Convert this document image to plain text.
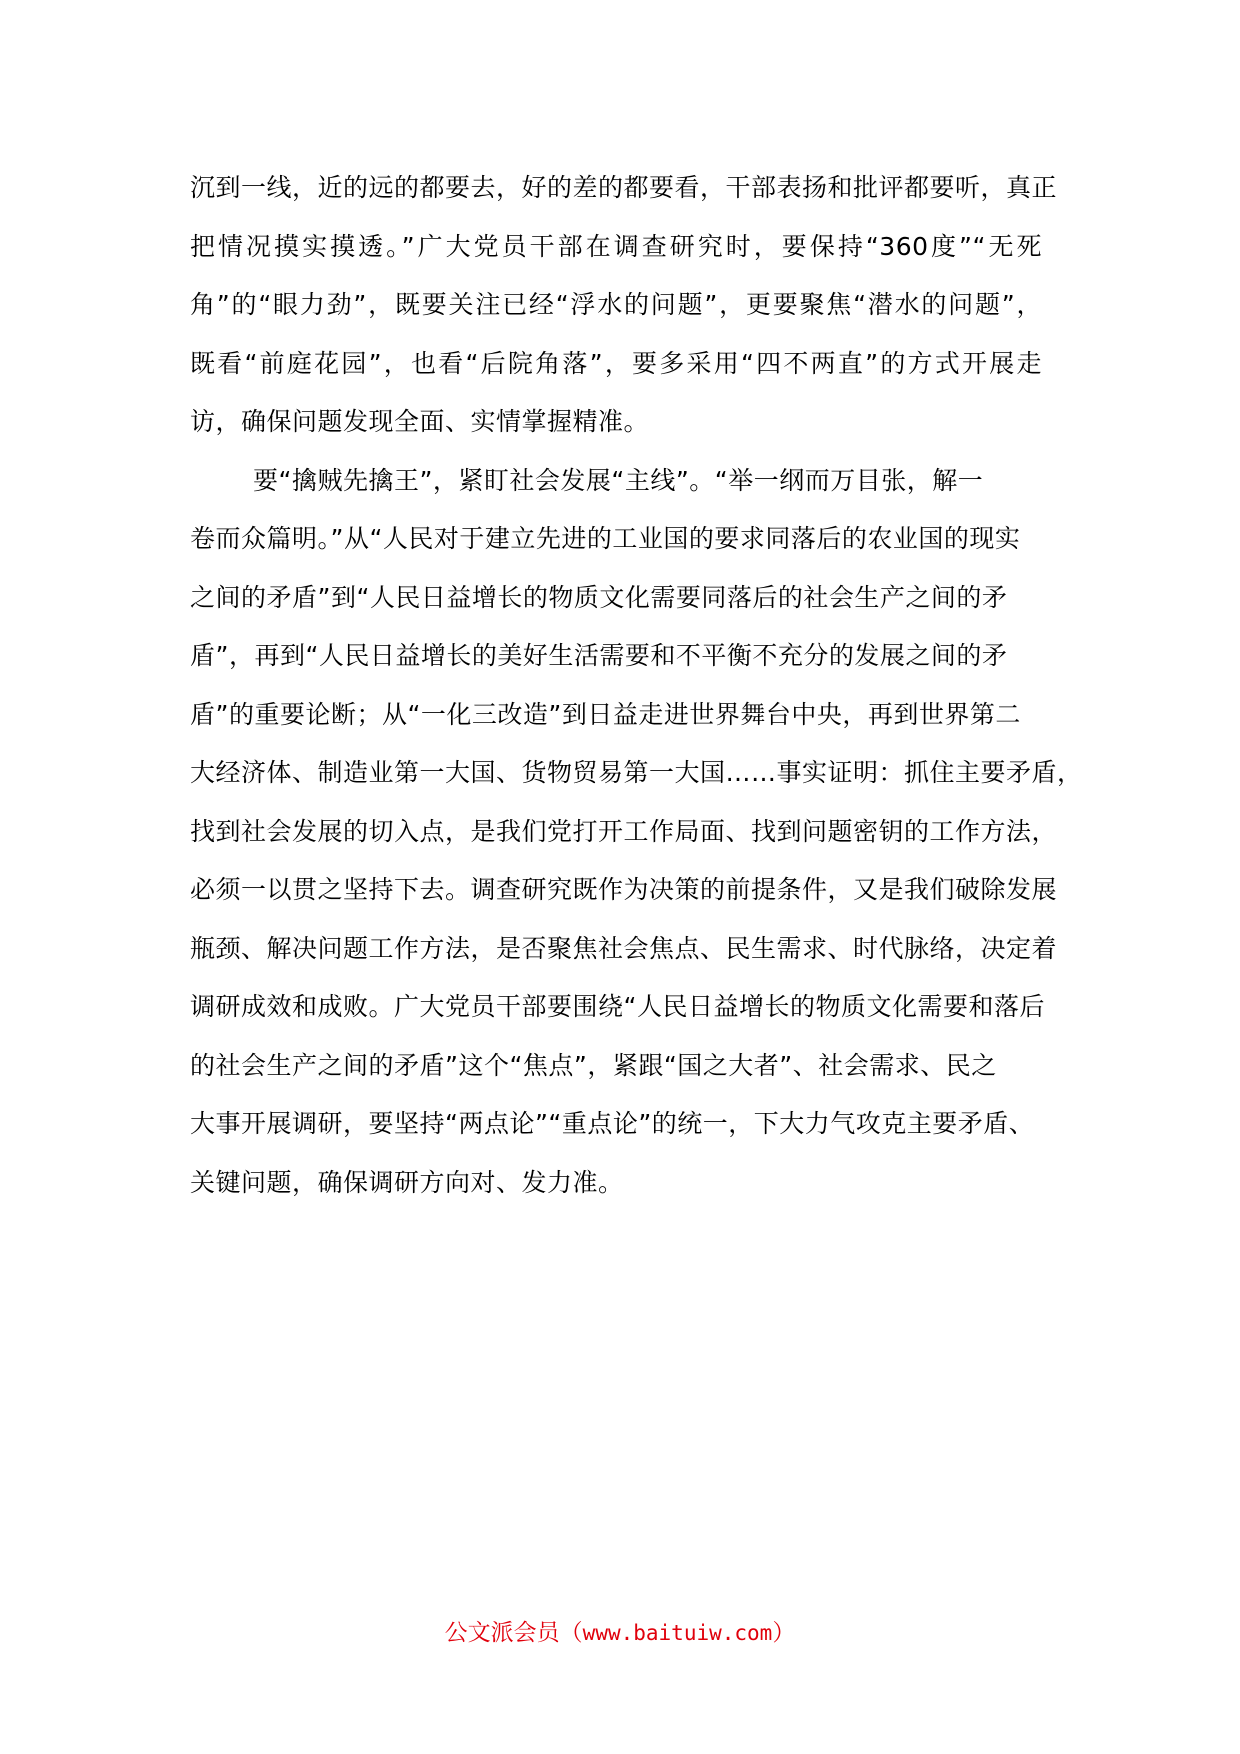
沉到一线，近的远的都要去，好的差的都要看，干部表扬和批评都要听，真正
把情况摸实摸透。”广大党员干部在调查研究时，要保持“360度”“无死
角”的“眼力劲”，既要关注已经“浮水的问题”，更要聚焦“潜水的问题”，
既看“前庭花园”，也看“后院角落”，要多采用“四不两直”的方式开展走
访，确保问题发现全面、实情掌握精准。
要“擒贼先擒王”，紧盯社会发展“主线”。“举一纲而万目张，解一
卷而众篇明。”从“人民对于建立先进的工业国的要求同落后的农业国的现实
之间的矛盾”到“人民日益增长的物质文化需要同落后的社会生产之间的矛
盾”，再到“人民日益增长的美好生活需要和不平衡不充分的发展之间的矛
盾”的重要论断；从“一化三改造”到日益走进世界舞台中央，再到世界第二
大经济体、制造业第一大国、货物贸易第一大国……事实证明：抓住主要矛盾，
找到社会发展的切入点，是我们党打开工作局面、找到问题密钥的工作方法，
必须一以贯之坚持下去。调查研究既作为决策的前提条件，又是我们破除发展
瓶颈、解决问题工作方法，是否聚焦社会焦点、民生需求、时代脉络，决定着
调研成效和成败。广大党员干部要围绕“人民日益增长的物质文化需要和落后
的社会生产之间的矛盾”这个“焦点”，紧跟“国之大者”、社会需求、民之
大事开展调研，要坚持“两点论”“重点论”的统一，下大力气攻克主要矛盾、
关键问题，确保调研方向对、发力准。
公文派会员（www.baituiw.com）
